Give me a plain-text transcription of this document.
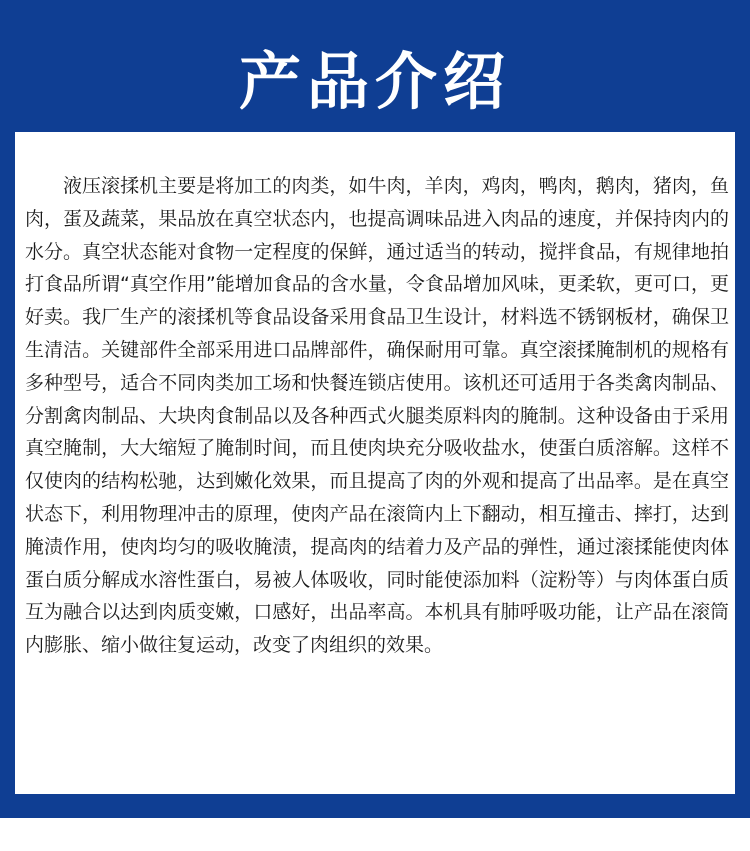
产品介绍

液压滚揉机主要是将加工的肉类，如牛肉，羊肉，鸡肉，鸭肉，鹅肉，猪肉，鱼肉，蛋及蔬菜，果品放在真空状态内，也提高调味品进入肉品的速度，并保持肉内的水分。真空状态能对食物一定程度的保鲜，通过适当的转动，搅拌食品，有规律地拍打食品所谓“真空作用”能增加食品的含水量，令食品增加风味，更柔软，更可口，更好卖。我厂生产的滚揉机等食品设备采用食品卫生设计，材料选不锈钢板材，确保卫生清洁。关键部件全部采用进口品牌部件，确保耐用可靠。真空滚揉腌制机的规格有多种型号，适合不同肉类加工场和快餐连锁店使用。该机还可适用于各类禽肉制品、分割禽肉制品、大块肉食制品以及各种西式火腿类原料肉的腌制。这种设备由于采用真空腌制，大大缩短了腌制时间，而且使肉块充分吸收盐水，使蛋白质溶解。这样不仅使肉的结构松驰，达到嫩化效果，而且提高了肉的外观和提高了出品率。是在真空状态下，利用物理冲击的原理，使肉产品在滚筒内上下翻动，相互撞击、摔打，达到腌渍作用，使肉均匀的吸收腌渍，提高肉的结着力及产品的弹性，通过滚揉能使肉体蛋白质分解成水溶性蛋白，易被人体吸收，同时能使添加料（淀粉等）与肉体蛋白质互为融合以达到肉质变嫩，口感好，出品率高。本机具有肺呼吸功能，让产品在滚筒内膨胀、缩小做往复运动，改变了肉组织的效果。
